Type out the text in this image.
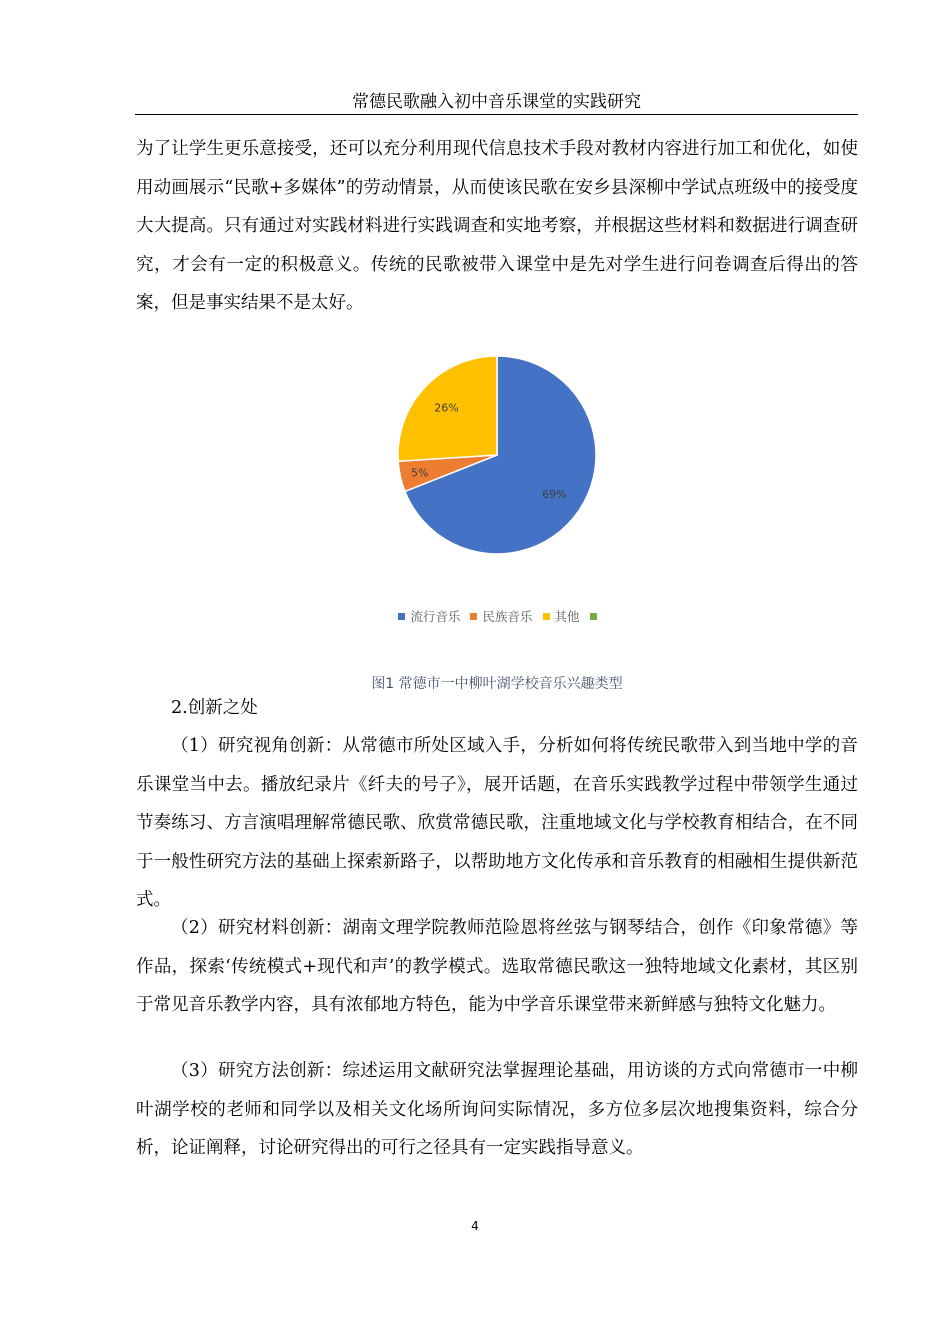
常德民歌融入初中音乐课堂的实践研究

为了让学生更乐意接受，还可以充分利用现代信息技术手段对教材内容进行加工和优化，如使用动画展示“民歌+多媒体”的劳动情景，从而使该民歌在安乡县深柳中学试点班级中的接受度大大提高。只有通过对实践材料进行实践调查和实地考察，并根据这些材料和数据进行调查研究，才会有一定的积极意义。传统的民歌被带入课堂中是先对学生进行问卷调查后得出的答案，但是事实结果不是太好。

69%
5%
26%
流行音乐 民族音乐 其他
图1 常德市一中柳叶湖学校音乐兴趣类型
2.创新之处

（1）研究视角创新：从常德市所处区域入手，分析如何将传统民歌带入到当地中学的音乐课堂当中去。播放纪录片《纤夫的号子》，展开话题，在音乐实践教学过程中带领学生通过节奏练习、方言演唱理解常德民歌、欣赏常德民歌，注重地域文化与学校教育相结合，在不同于一般性研究方法的基础上探索新路子，以帮助地方文化传承和音乐教育的相融相生提供新范式。

（2）研究材料创新：湖南文理学院教师范险恩将丝弦与钢琴结合，创作《印象常德》等作品，探索‘传统模式+现代和声’的教学模式。选取常德民歌这一独特地域文化素材，其区别于常见音乐教学内容，具有浓郁地方特色，能为中学音乐课堂带来新鲜感与独特文化魅力。

（3）研究方法创新：综述运用文献研究法掌握理论基础，用访谈的方式向常德市一中柳叶湖学校的老师和同学以及相关文化场所询问实际情况，多方位多层次地搜集资料，综合分析，论证阐释，讨论研究得出的可行之径具有一定实践指导意义。

4
